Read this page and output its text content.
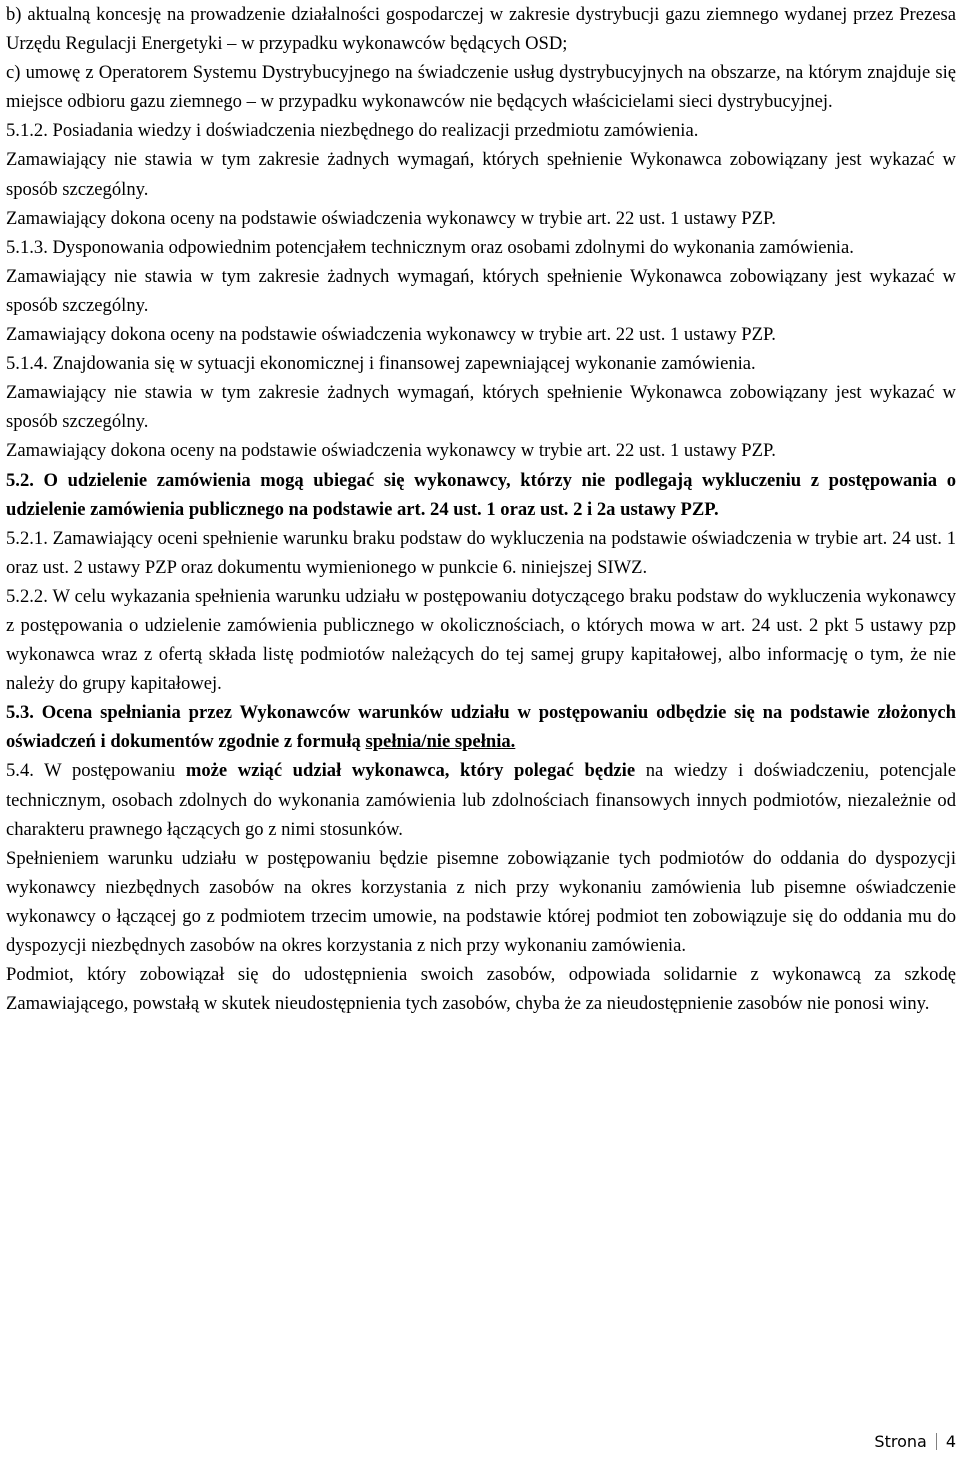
b) aktualną koncesję na prowadzenie działalności gospodarczej w zakresie dystrybucji gazu ziemnego wydanej przez Prezesa Urzędu Regulacji Energetyki – w przypadku wykonawców będących OSD;

c) umowę z Operatorem Systemu Dystrybucyjnego na świadczenie usług dystrybucyjnych na obszarze, na którym znajduje się miejsce odbioru gazu ziemnego – w przypadku wykonawców nie będących właścicielami sieci dystrybucyjnej.

5.1.2. Posiadania wiedzy i doświadczenia niezbędnego do realizacji przedmiotu zamówienia.

Zamawiający nie stawia w tym zakresie żadnych wymagań, których spełnienie Wykonawca zobowiązany jest wykazać w sposób szczególny.

Zamawiający dokona oceny na podstawie oświadczenia wykonawcy w trybie art. 22 ust. 1 ustawy PZP.

5.1.3. Dysponowania odpowiednim potencjałem technicznym oraz osobami zdolnymi do wykonania zamówienia.

Zamawiający nie stawia w tym zakresie żadnych wymagań, których spełnienie Wykonawca zobowiązany jest wykazać w sposób szczególny.

Zamawiający dokona oceny na podstawie oświadczenia wykonawcy w trybie art. 22 ust. 1 ustawy PZP.

5.1.4. Znajdowania się w sytuacji ekonomicznej i finansowej zapewniającej wykonanie zamówienia.

Zamawiający nie stawia w tym zakresie żadnych wymagań, których spełnienie Wykonawca zobowiązany jest wykazać w sposób szczególny.

Zamawiający dokona oceny na podstawie oświadczenia wykonawcy w trybie art. 22 ust. 1 ustawy PZP.

5.2. O udzielenie zamówienia mogą ubiegać się wykonawcy, którzy nie podlegają wykluczeniu z postępowania o udzielenie zamówienia publicznego na podstawie art. 24 ust. 1 oraz ust. 2 i 2a ustawy PZP.

5.2.1. Zamawiający oceni spełnienie warunku braku podstaw do wykluczenia na podstawie oświadczenia w trybie art. 24 ust. 1 oraz ust. 2 ustawy PZP oraz dokumentu wymienionego w punkcie 6. niniejszej SIWZ.

5.2.2. W celu wykazania spełnienia warunku udziału w postępowaniu dotyczącego braku podstaw do wykluczenia wykonawcy z postępowania o udzielenie zamówienia publicznego w okolicznościach, o których mowa w art. 24 ust. 2 pkt 5 ustawy pzp wykonawca wraz z ofertą składa listę podmiotów należących do tej samej grupy kapitałowej, albo informację o tym, że nie należy do grupy kapitałowej.

5.3. Ocena spełniania przez Wykonawców warunków udziału w postępowaniu odbędzie się na podstawie złożonych oświadczeń i dokumentów zgodnie z formułą spełnia/nie spełnia.

5.4. W postępowaniu może wziąć udział wykonawca, który polegać będzie na wiedzy i doświadczeniu, potencjale technicznym, osobach zdolnych do wykonania zamówienia lub zdolnościach finansowych innych podmiotów, niezależnie od charakteru prawnego łączących go z nimi stosunków.

Spełnieniem warunku udziału w postępowaniu będzie pisemne zobowiązanie tych podmiotów do oddania do dyspozycji wykonawcy niezbędnych zasobów na okres korzystania z nich przy wykonaniu zamówienia lub pisemne oświadczenie wykonawcy o łączącej go z podmiotem trzecim umowie, na podstawie której podmiot ten zobowiązuje się do oddania mu do dyspozycji niezbędnych zasobów na okres korzystania z nich przy wykonaniu zamówienia.

Podmiot, który zobowiązał się do udostępnienia swoich zasobów, odpowiada solidarnie z wykonawcą za szkodę Zamawiającego, powstałą w skutek nieudostępnienia tych zasobów, chyba że za nieudostępnienie zasobów nie ponosi winy.

Strona 4
